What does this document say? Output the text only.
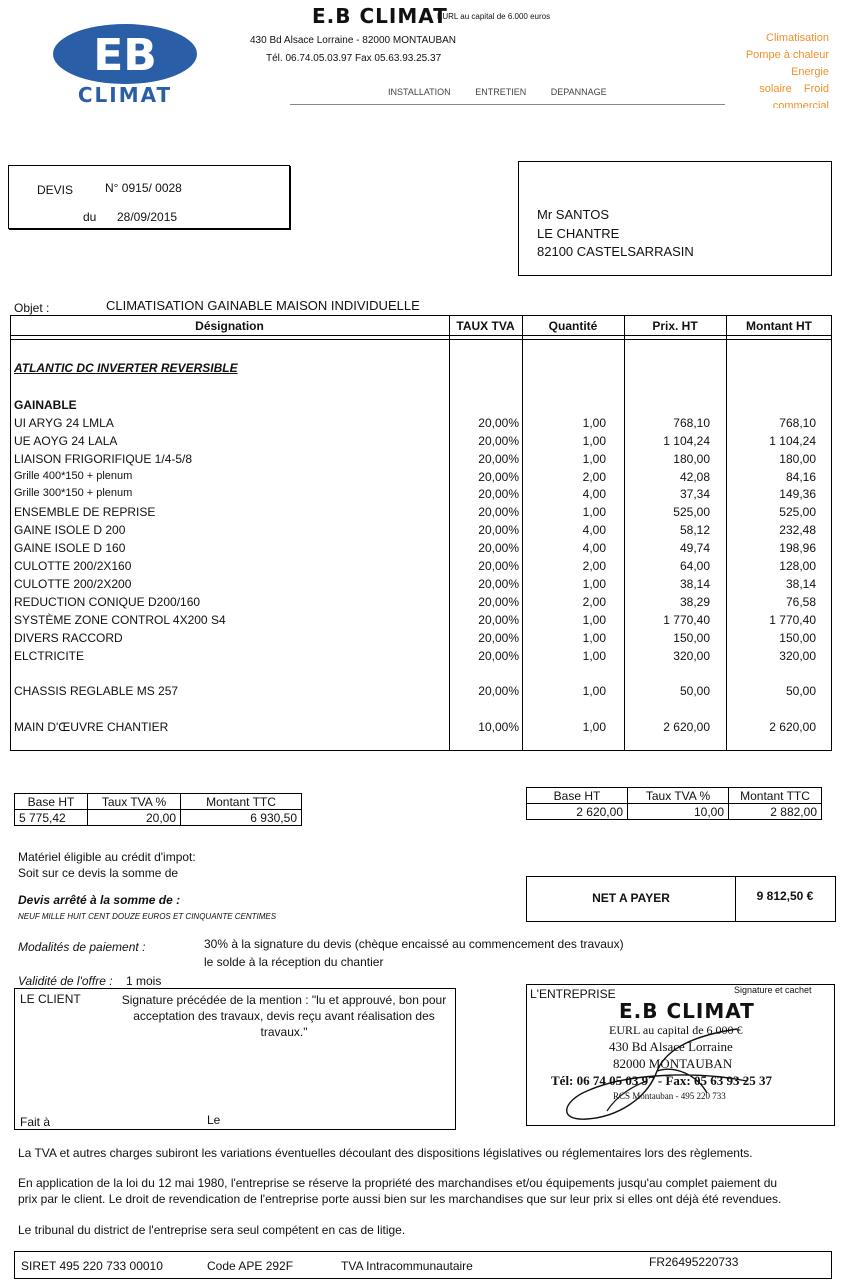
EB
CLIMAT
E.B CLIMAT
EURL au capital de 6.000 euros
430 Bd Alsace Lorraine - 82000 MONTAUBAN
Tél. 06.74.05.03.97 Fax 05.63.93.25.37
INSTALLATION	ENTRETIEN	DEPANNAGE
Climatisation
Pompe à chaleur
Energie
solaire    Froid
commercial
DEVIS	N° 0915/ 0028
du 28/09/2015	Mr SANTOS
LE CHANTRE
82100 CASTELSARRASIN
Objet :	CLIMATISATION GAINABLE MAISON INDIVIDUELLE
Désignation	TAUX TVA	Quantité	Prix. HT	Montant HT
ATLANTIC DC INVERTER REVERSIBLE
GAINABLE
UI ARYG 24 LMLA	20,00%	1,00	768,10	768,10
UE AOYG 24 LALA	20,00%	1,00	1 104,24	1 104,24
LIAISON FRIGORIFIQUE 1/4-5/8	20,00%	1,00	180,00	180,00
Grille 400*150 + plenum	20,00%	2,00	42,08	84,16
Grille 300*150 + plenum	20,00%	4,00	37,34	149,36
ENSEMBLE DE REPRISE	20,00%	1,00	525,00	525,00
GAINE ISOLE D 200	20,00%	4,00	58,12	232,48
GAINE ISOLE D 160	20,00%	4,00	49,74	198,96
CULOTTE 200/2X160	20,00%	2,00	64,00	128,00
CULOTTE 200/2X200	20,00%	1,00	38,14	38,14
REDUCTION CONIQUE D200/160	20,00%	2,00	38,29	76,58
SYSTÈME ZONE CONTROL 4X200 S4	20,00%	1,00	1 770,40	1 770,40
DIVERS RACCORD	20,00%	1,00	150,00	150,00
ELCTRICITE	20,00%	1,00	320,00	320,00
CHASSIS REGLABLE MS 257	20,00%	1,00	50,00	50,00
MAIN D'ŒUVRE CHANTIER	10,00%	1,00	2 620,00	2 620,00
Base HT	Taux TVA %	Montant TTC
5 775,42	20,00	6 930,50
Base HT	Taux TVA %	Montant TTC
2 620,00	10,00	2 882,00
Matériel éligible au crédit d'impot:
Soit sur ce devis la somme de
Devis arrêté à la somme de :
NEUF MILLE HUIT CENT DOUZE EUROS ET CINQUANTE CENTIMES
NET A PAYER	9 812,50 €
Modalités de paiement :	30% à la signature du devis (chèque encaissé au commencement des travaux)
le solde à la réception du chantier
Validité de l'offre : 1 mois
LE CLIENT	Signature précédée de la mention : "lu et approuvé, bon pour acceptation des travaux, devis reçu avant réalisation des travaux."
Fait à	Le
L'ENTREPRISE	Signature et cachet
E.B CLIMAT
EURL au capital de 6.000 €
430 Bd Alsace Lorraine
82000 MONTAUBAN
Tél: 06 74 05 03 97 - Fax: 05 63 93 25 37
RCS Montauban - 495 220 733
La TVA et autres charges subiront les variations éventuelles découlant des dispositions législatives ou réglementaires lors des règlements.
En application de la loi du 12 mai 1980, l'entreprise se réserve la propriété des marchandises et/ou équipements jusqu'au complet paiement du
prix par le client. Le droit de revendication de l'entreprise porte aussi bien sur les marchandises que sur leur prix si elles ont déjà été revendues.
Le tribunal du district de l'entreprise sera seul compétent en cas de litige.
SIRET 495 220 733 00010	Code APE 292F	TVA Intracommunautaire	FR26495220733
